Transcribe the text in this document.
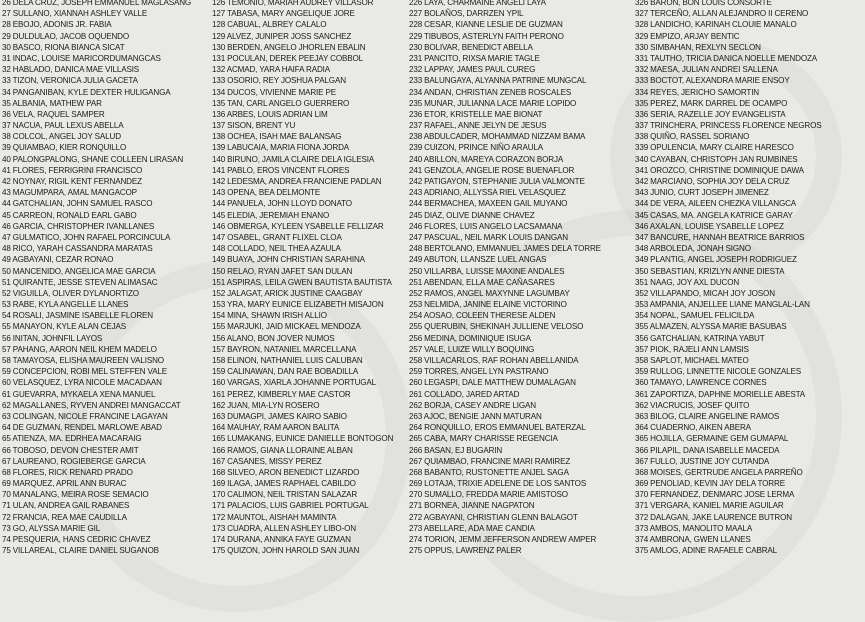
26 DELA CRUZ, JOSEPH EMMANUEL MAGLASANG
27 SULLANO, XIANNAH ASHLEY VALLE
28 EBOJO, ADONIS JR. FABIA
29 DULDULAO, JACOB OQUENDO
30 BASCO, RIONA BIANCA SICAT
31 INDAC, LOUISE MARICORDUMANGCAS
32 HABLADO, DANICA MAE VILLASIS
33 TIZON, VERONICA JULIA GACETA
34 PANGANIBAN, KYLE DEXTER HULIGANGA
35 ALBANIA, MATHEW PAR
36 VELA, RAQUEL SAMPER
37 NACUA, PAUL LEXUS ABELLA
38 COLCOL, ANGEL JOY SALUD
39 QUIAMBAO, KIER RONQUILLO
40 PALONGPALONG, SHANE COLLEEN LIRASAN
41 FLORES, FERRIGRINI FRANCISCO
42 NOYNAY, RIGIL KENT FERNANDEZ
43 MAGUMPARA, AMAL MANGACOP
44 GATCHALIAN, JOHN SAMUEL RASCO
45 CARREON, RONALD EARL GABO
46 GARCIA, CHRISTOPHER IVANLLANES
47 GULMATICO, JOHN RAFAEL PORCINCULA
48 RICO, YARAH CASSANDRA MARATAS
49 AGBAYANI, CEZAR RONAO
50 MANCENIDO, ANGELICA MAE GARCIA
51 QUIRANTE, JESSE STEVEN ALIMASAC
52 VIGUILLA, OLIVER DYLANORTIZO
53 RABE, KYLA ANGELLE LLANES
54 ROSALI, JASMINE ISABELLE FLOREN
55 MANAYON, KYLE ALAN CEJAS
56 INITAN, JOHNFIL LAYOS
57 PAHANG, AARON NEIL KHEM MADELO
58 TAMAYOSA, ELISHA MAUREEN VALISNO
59 CONCEPCION, ROBI MEL STEFFEN VALE
60 VELASQUEZ, LYRA NICOLE MACADAAN
61 GUEVARRA, MYKAELA XENA MANUEL
62 MAGALLANES, RYVEN ANDREI MANGACCAT
63 COLINGAN, NICOLE FRANCINE LAGAYAN
64 DE GUZMAN, RENDEL MARLOWE ABAD
65 ATIENZA, MA. EDRHEA MACARAIG
66 TOBOSO, DEVON CHESTER AMIT
67 LAUREANO, ROGIEBERGE GARCIA
68 FLORES, RICK RENARD PRADO
69 MARQUEZ, APRIL ANN BURAC
70 MANALANG, MEIRA ROSE SEMACIO
71 ULAN, ANDREA GAIL RABANES
72 FRANCIA, REA MAE CAUDILLA
73 GO, ALYSSA MARIE GIL
74 PESQUERIA, HANS CEDRIC CHAVEZ
75 VILLAREAL, CLAIRE DANIEL SUGANOB
126 TEMONIO, MARIAH AUDREY VILLASOR
127 TABASA, MARY ANGELIQUE JORE
128 CABUAL, ALBREY CALALO
129 ALVEZ, JUNIPER JOSS SANCHEZ
130 BERDEN, ANGELO JHORLEN EBALIN
131 POCULAN, DEREK PEEJAY COBBOL
132 ACMAD, YARA HAIFA RADIA
133 OSORIO, REY JOSHUA PALGAN
134 DUCOS, VIVIENNE MARIE PE
135 TAN, CARL ANGELO GUERRERO
136 ARBES, LOUIS ADRIAN LIM
137 SISON, BRENT YU
138 OCHEA, ISAH MAE BALANSAG
139 LABUCAIA, MARIA FIONA JORDA
140 BIRUNO, JAMILA CLAIRE DELA IGLESIA
141 PABLO, EROS VINCENT FLORES
142 LEDESMA, ANDREA FRANCIENE PADLAN
143 OPENA, BEA DELMONTE
144 PANUELA, JOHN LLOYD DONATO
145 ELEDIA, JEREMIAH ENANO
146 OBMERGA, KYLEEN YSABELLE FELLIZAR
147 OSABEL, GRANT FLIXEL CLOA
148 COLLADO, NEIL THEA AZAULA
149 BUAYA, JOHN CHRISTIAN SARAHINA
150 RELAO, RYAN JAFET SAN DULAN
151 ASPIRAS, LEILA GWEN BAUTISTA BAUTISTA
152 JALAGAT, ARICK JUSTINE CAAGBAY
153 YRA, MARY EUNICE ELIZABETH MISAJON
154 MINA, SHAWN IRISH ALLIO
155 MARJUKI, JAID MICKAEL MENDOZA
156 ALANO, BON JOVER NUMOS
157 BAYRON, NATANIEL MARCELLANA
158 ELINON, NATHANIEL LUIS CALUBAN
159 CALINAWAN, DAN RAE BOBADILLA
160 VARGAS, XIARLA JOHANNE PORTUGAL
161 PEREZ, KIMBERLY MAE CASTOR
162 JUAN, MIA-LYN ROSERO
163 DUMAGPI, JAMES KAIRO SABIO
164 MAUHAY, RAM AARON BALITA
165 LUMAKANG, EUNICE DANIELLE BONTOGON
166 RAMOS, GIANA LLORAINE ALBAN
167 CASANES, MISSY PEREZ
168 SILVEO, ARON BENEDICT LIZARDO
169 ILAGA, JAMES RAPHAEL CABILDO
170 CALIMON, NEIL TRISTAN SALAZAR
171 PALACIOS, LUIS GABRIEL PORTUGAL
172 MAUNTOL, AISHAH MAMINTA
173 CUADRA, ALLEN ASHLEY LIBO-ON
174 DURANA, ANNIKA FAYE GUZMAN
175 QUIZON, JOHN HAROLD SAN JUAN
226 LAYA, CHARMAINE ANGELI LAYA
227 BOLAÑOS, DARRZEN YPIL
228 CESAR, KIANNE LESLIE DE GUZMAN
229 TIBUBOS, ASTERLYN FAITH PERONO
230 BOLIVAR, BENEDICT ABELLA
231 PANCITO, RIXSA MARIE TAGLE
232 LAPPAY, JAMES PAUL CUREG
233 BALUNGAYA, ALYANNA PATRINE MUNGCAL
234 ANDAN, CHRISTIAN ZENEB ROSCALES
235 MUNAR, JULIANNA LACE MARIE LOPIDO
236 ETOR, KRISTELLE MAE BIONAT
237 RAFAEL, ANNE JELYN DE JESUS
238 ABDULCADER, MOHAMMAD NIZZAM BAMA
239 CUIZON, PRINCE NIÑO ARAULA
240 ABILLON, MAREYA CORAZON BORJA
241 GENZOLA, ANGELIE ROSE BUENAFLOR
242 PATIGAYON, STEPHANIE JULIA VALMONTE
243 ADRIANO, ALLYSSA RIEL VELASQUEZ
244 BERMACHEA, MAXEEN GAIL MUYANO
245 DIAZ, OLIVE DIANNE CHAVEZ
246 FLORES, LUIS ANGELO LACSAMANA
247 PASCUAL, NEIL MARK LOUIS DANGAN
248 BERTOLANO, EMMANUEL JAMES DELA TORRE
249 ABUTON, LLANSZE LUEL ANGAS
250 VILLARBA, LUISSE MAXINE ANDALES
251 ABENDAN, ELLA MAE CAÑASARES
252 RAMOS, ANGEL MAXYNNE LAGUMBAY
253 NELMIDA, JANINE ELAINE VICTORINO
254 AOSAO, COLEEN THERESE ALDEN
255 QUERUBIN, SHEKINAH JULLIENE VELOSO
256 MEDINA, DOMINIQUE ISUGA
257 VALE, LUIZE WILLY BOQUING
258 VILLACARLOS, RAF ROHAN ABELLANIDA
259 TORRES, ANGEL LYN PASTRANO
260 LEGASPI, DALE MATTHEW DUMALAGAN
261 COLLADO, JARED ARTAD
262 BORJA, CASEY ANDRE LIGAN
263 AJOC, BENGIE JANN MATURAN
264 RONQUILLO, EROS EMMANUEL BATERZAL
265 CABA, MARY CHARISSE REGENCIA
266 BASAN, EJ BUGARIN
267 QUIAMBAO, FRANCINE MARI RAMIREZ
268 BABANTO, RUSTONETTE ANJEL SAGA
269 LOTAJA, TRIXIE ADELENE DE LOS SANTOS
270 SUMALLO, FREDDA MARIE AMISTOSO
271 BORNEA, JIANNE NAGPATON
272 AGBAYANI, CHRISTIAN GLENN BALAGOT
273 ABELLARE, ADA MAE CANDIA
274 TORION, JEMM JEFFERSON ANDREW AMPER
275 OPPUS, LAWRENZ PALER
326 BARON, BON LOUIS CONSORTE
327 TERCEÑO, ALLAN ALEJANDRO II CERENO
328 LANDICHO, KARINAH CLOUIE MANALO
329 EMPIZO, ARJAY BENTIC
330 SIMBAHAN, REXLYN SECLON
331 TAUTHO, TRICIA DANICA NOELLE MENDOZA
332 MAESA, JULIAN ANDREI SALLENA
333 BOCTOT, ALEXANDRA MARIE ENSOY
334 REYES, JERICHO SAMORTIN
335 PEREZ, MARK DARREL DE OCAMPO
336 SERIA, RAZELLE JOY EVANGELISTA
337 TRINCHERA, PRINCESS FLORENCE NEGROS
338 QUIÑO, RASSEL SORIANO
339 OPULENCIA, MARY CLAIRE HARESCO
340 CAYABAN, CHRISTOPH JAN RUMBINES
341 OROZCO, CHRISTINE DOMINIQUE DAWA
342 MARCIANO, SOPHIA JOY DELA CRUZ
343 JUNIO, CURT JOSEPH JIMENEZ
344 DE VERA, AILEEN CHEZKA VILLANGCA
345 CASAS, MA. ANGELA KATRICE GARAY
346 AXALAN, LOUISE YSABELLE LOPEZ
347 BANCURE, HANNAH BEATRICE BARRIOS
348 ARBOLEDA, JONAH SIGNO
349 PLANTIG, ANGEL JOSEPH RODRIGUEZ
350 SEBASTIAN, KRIZLYN ANNE DIESTA
351 NAAG, JOY AXL DUCON
352 VILLAPANDO, MICAH JOY JOSON
353 AMPANIA, ANJELLEE LIANE MANGLAL-LAN
354 NOPAL, SAMUEL FELICILDA
355 ALMAZEN, ALYSSA MARIE BASUBAS
356 GATCHALIAN, KATRINA YABUT
357 PIOK, RAJELI ANN LAMSIS
358 SAPLOT, MICHAEL MATEO
359 RULLOG, LINNETTE NICOLE GONZALES
360 TAMAYO, LAWRENCE CORNES
361 ZAPORTIZA, DAPHNE MORIELLE ABESTA
362 VIACRUCIS, JOSEF QUITO
363 BILOG, CLAIRE ANGELINE RAMOS
364 CUADERNO, AIKEN ABERA
365 HOJILLA, GERMAINE GEM GUMAPAL
366 PILAPIL, DANA ISABELLE MACEDA
367 FULLO, JUSTINE JOY CUTANDA
368 MOISES, GERTRUDE ANGELA PARREÑO
369 PENOLIAD, KEVIN JAY DELA TORRE
370 FERNANDEZ, DENMARC JOSE LERMA
371 VERGARA, KANIEL MARIE AGUILAR
372 DALAGAN, JAKE LAURENCE BUTRON
373 AMBOS, MANOLITO MAALA
374 AMBRONA, GWEN LLANES
375 AMLOG, ADINE RAFAELE CABRAL
